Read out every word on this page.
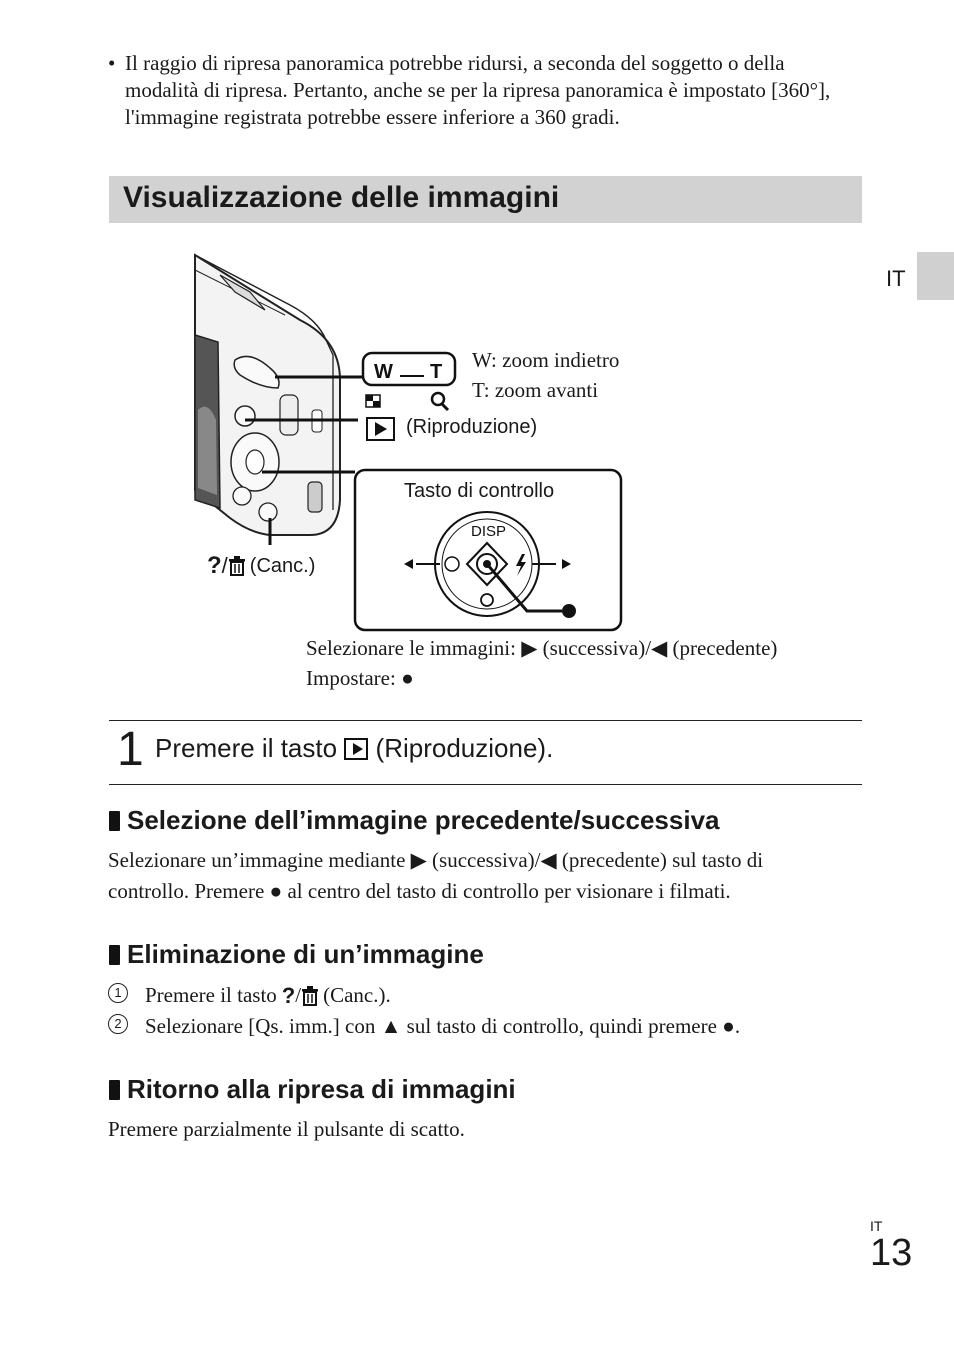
• Il raggio di ripresa panoramica potrebbe ridursi, a seconda del soggetto o della modalità di ripresa. Pertanto, anche se per la ripresa panoramica è impostato [360°], l'immagine registrata potrebbe essere inferiore a 360 gradi.
Visualizzazione delle immagini
IT
W T
DISP
W: zoom indietro
T: zoom avanti
(Riproduzione)
Tasto di controllo
? / (Canc.)
Selezionare le immagini: ▶ (successiva)/◀ (precedente)
Impostare: ●
1 Premere il tasto (Riproduzione).
Selezione dell’immagine precedente/successiva
Selezionare un’immagine mediante ▶ (successiva)/◀ (precedente) sul tasto di
controllo. Premere ● al centro del tasto di controllo per visionare i filmati.
Eliminazione di un’immagine
1	Premere il tasto ? / (Canc.).
2	Selezionare [Qs. imm.] con ▲ sul tasto di controllo, quindi premere ●.
Ritorno alla ripresa di immagini
Premere parzialmente il pulsante di scatto.
IT
13
